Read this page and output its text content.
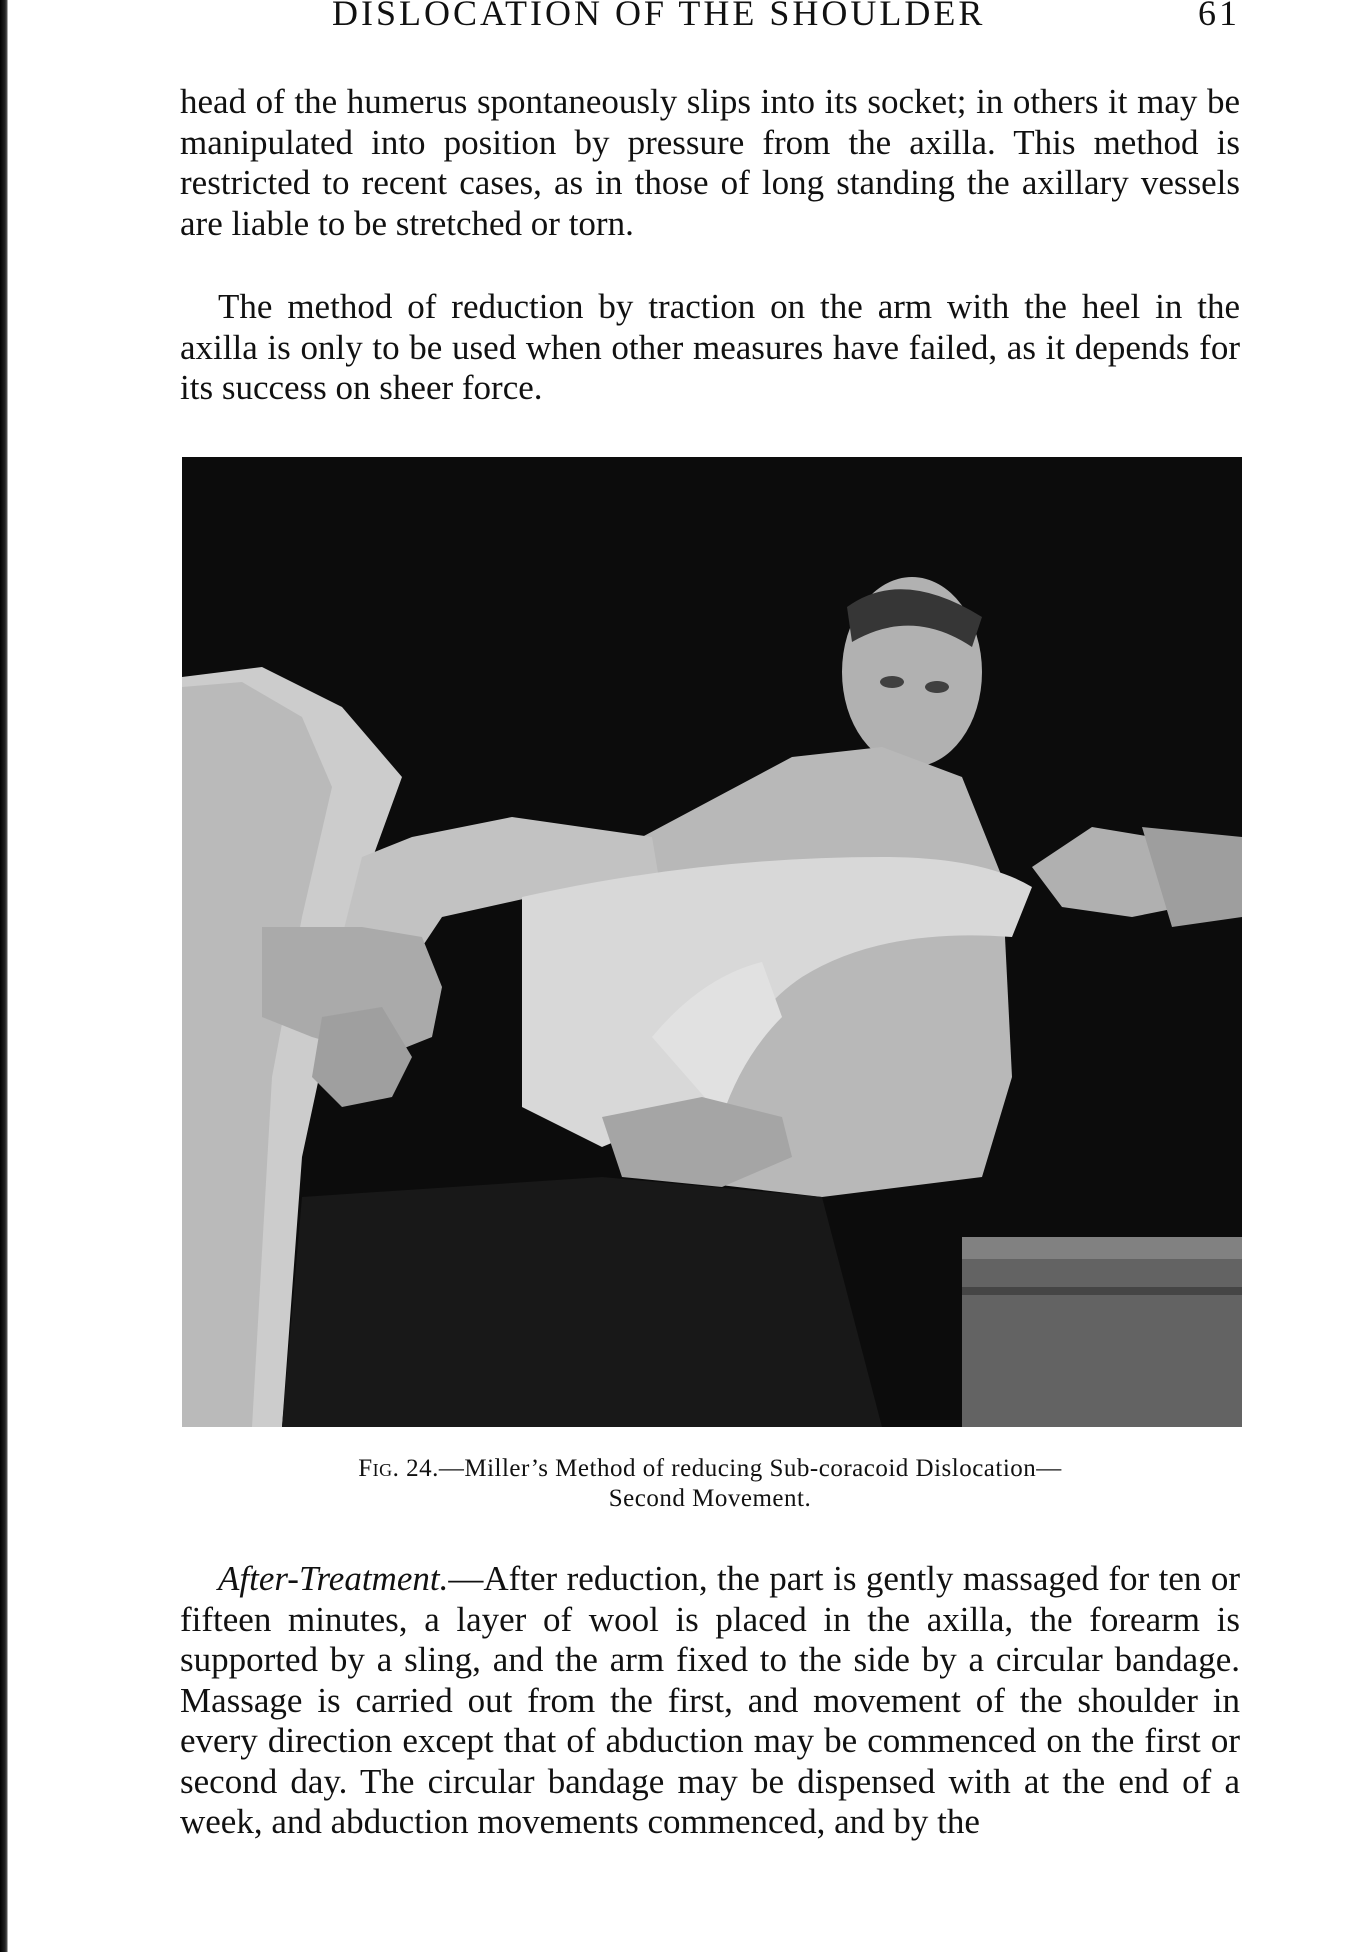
DISLOCATION OF THE SHOULDER	61

head of the humerus spontaneously slips into its socket; in others it may be manipulated into position by pressure from the axilla. This method is restricted to recent cases, as in those of long standing the axillary vessels are liable to be stretched or torn.

The method of reduction by traction on the arm with the heel in the axilla is only to be used when other measures have failed, as it depends for its success on sheer force.

Fig. 24.—Miller’s Method of reducing Sub-coracoid Dislocation—
Second Movement.

After-Treatment.—After reduction, the part is gently massaged for ten or fifteen minutes, a layer of wool is placed in the axilla, the forearm is supported by a sling, and the arm fixed to the side by a circular bandage. Massage is carried out from the first, and movement of the shoulder in every direction except that of abduction may be commenced on the first or second day. The circular bandage may be dispensed with at the end of a week, and abduction movements commenced, and by the
